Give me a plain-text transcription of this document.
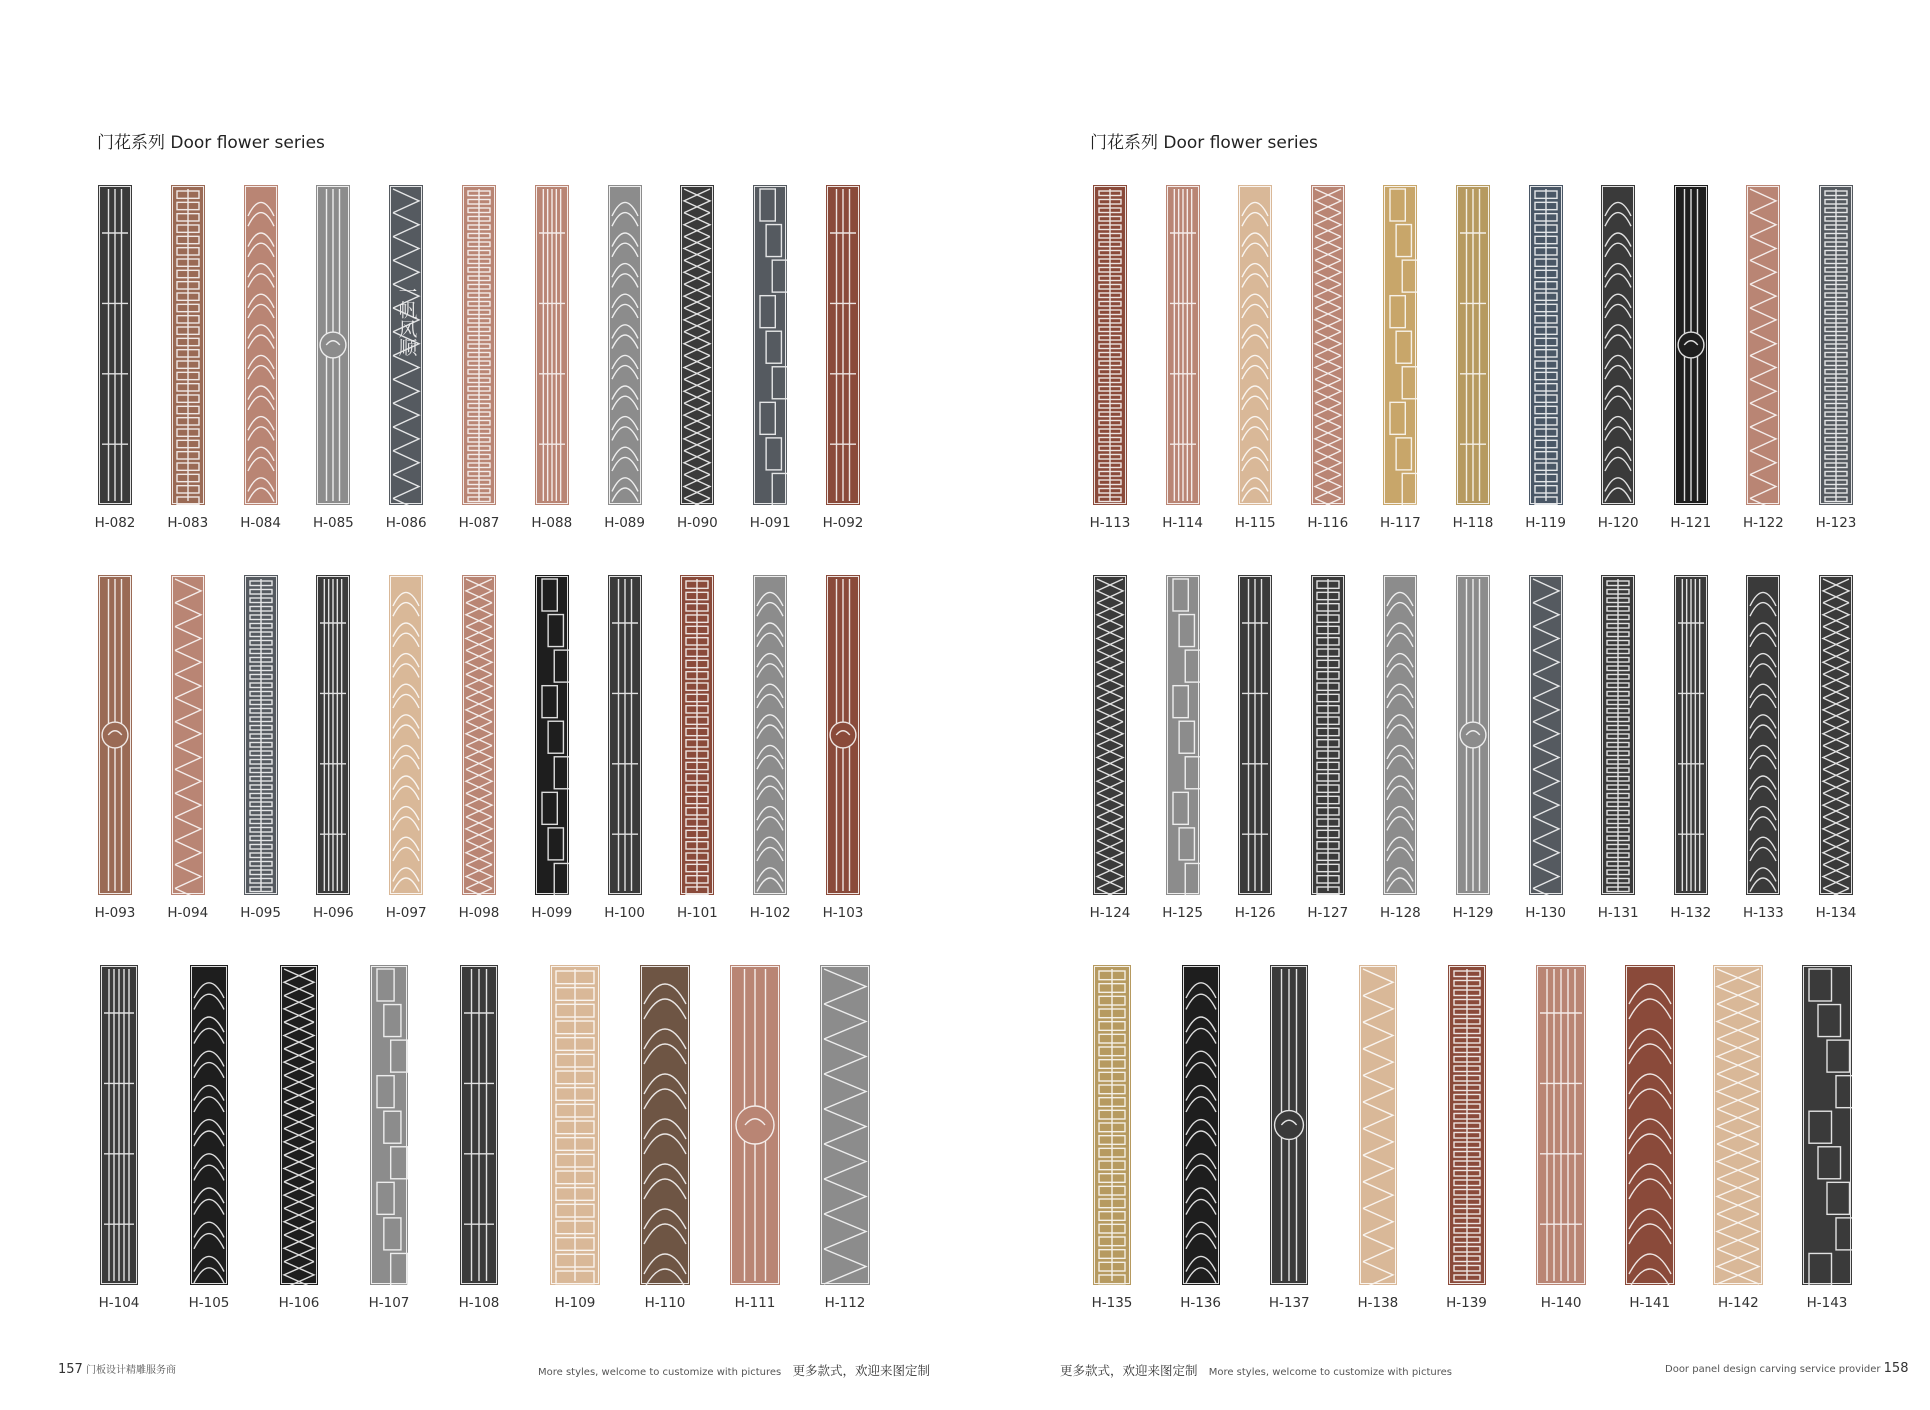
门花系列 Door flower series
H-082	H-083	H-084	H-085
一帆风顺
H-086	H-087	H-088	H-089	H-090	H-091	H-092
H-093	H-094	H-095	H-096	H-097	H-098	H-099	H-100	H-101	H-102	H-103
H-104	H-105	H-106	H-107	H-108	H-109	H-110	H-111	H-112
157 门板设计精雕服务商	More styles, welcome to customize with pictures 更多款式，欢迎来图定制
门花系列 Door flower series
H-113	H-114	H-115	H-116	H-117	H-118	H-119	H-120	H-121	H-122	H-123
H-124	H-125	H-126	H-127	H-128	H-129	H-130	H-131	H-132	H-133	H-134
H-135	H-136	H-137	H-138	H-139	H-140	H-141	H-142	H-143
更多款式，欢迎来图定制 More styles, welcome to customize with pictures	Door panel design carving service provider 158
